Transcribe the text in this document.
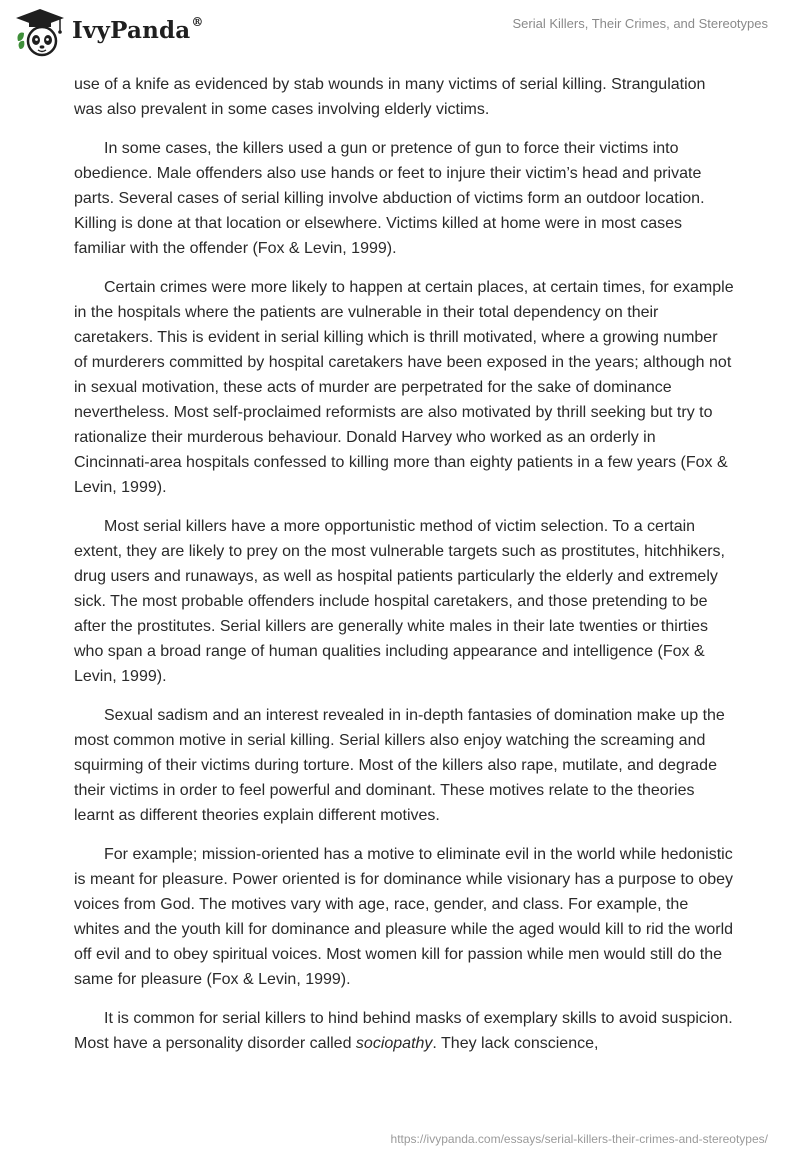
IvyPanda®	Serial Killers, Their Crimes, and Stereotypes

use of a knife as evidenced by stab wounds in many victims of serial killing. Strangulation was also prevalent in some cases involving elderly victims.

In some cases, the killers used a gun or pretence of gun to force their victims into obedience. Male offenders also use hands or feet to injure their victim’s head and private parts. Several cases of serial killing involve abduction of victims form an outdoor location. Killing is done at that location or elsewhere. Victims killed at home were in most cases familiar with the offender (Fox & Levin, 1999).

Certain crimes were more likely to happen at certain places, at certain times, for example in the hospitals where the patients are vulnerable in their total dependency on their caretakers. This is evident in serial killing which is thrill motivated, where a growing number of murderers committed by hospital caretakers have been exposed in the years; although not in sexual motivation, these acts of murder are perpetrated for the sake of dominance nevertheless. Most self-proclaimed reformists are also motivated by thrill seeking but try to rationalize their murderous behaviour. Donald Harvey who worked as an orderly in Cincinnati-area hospitals confessed to killing more than eighty patients in a few years (Fox & Levin, 1999).

Most serial killers have a more opportunistic method of victim selection. To a certain extent, they are likely to prey on the most vulnerable targets such as prostitutes, hitchhikers, drug users and runaways, as well as hospital patients particularly the elderly and extremely sick. The most probable offenders include hospital caretakers, and those pretending to be after the prostitutes. Serial killers are generally white males in their late twenties or thirties who span a broad range of human qualities including appearance and intelligence (Fox & Levin, 1999).

Sexual sadism and an interest revealed in in-depth fantasies of domination make up the most common motive in serial killing. Serial killers also enjoy watching the screaming and squirming of their victims during torture. Most of the killers also rape, mutilate, and degrade their victims in order to feel powerful and dominant. These motives relate to the theories learnt as different theories explain different motives.

For example; mission-oriented has a motive to eliminate evil in the world while hedonistic is meant for pleasure. Power oriented is for dominance while visionary has a purpose to obey voices from God. The motives vary with age, race, gender, and class. For example, the whites and the youth kill for dominance and pleasure while the aged would kill to rid the world off evil and to obey spiritual voices. Most women kill for passion while men would still do the same for pleasure (Fox & Levin, 1999).

It is common for serial killers to hind behind masks of exemplary skills to avoid suspicion. Most have a personality disorder called sociopathy. They lack conscience,

https://ivypanda.com/essays/serial-killers-their-crimes-and-stereotypes/
